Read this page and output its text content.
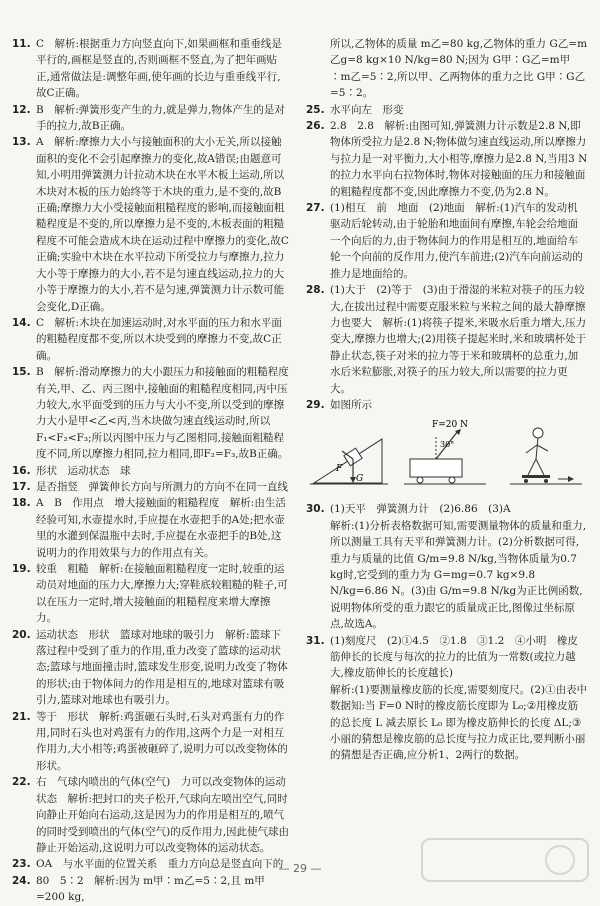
11. C　解析:根据重力方向竖直向下,如果画框和重垂线是平行的,画框是竖直的,否则画框不竖直,为了把年画贴正,通常做法是:调整年画,使年画的长边与重垂线平行,故C正确。
12. B　解析:弹簧形变产生的力,就是弹力,物体产生的是对手的拉力,故B正确。
13. A　解析:摩擦力大小与接触面积的大小无关,所以接触面积的变化不会引起摩擦力的变化,故A错误;由题意可知,小明用弹簧测力计拉动木块在水平木板上运动,所以木块对木板的压力始终等于木块的重力,是不变的,故B正确;摩擦力大小受接触面粗糙程度的影响,而接触面粗糙程度是不变的,所以摩擦力是不变的,木板表面的粗糙程度不可能会造成木块在运动过程中摩擦力的变化,故C正确;实验中木块在水平拉动下所受拉力与摩擦力,拉力大小等于摩擦力的大小,若不是匀速直线运动,拉力的大小等于摩擦力的大小,若不是匀速,弹簧测力计示数可能会变化,D正确。
14. C　解析:木块在加速运动时,对水平面的压力和水平面的粗糙程度都不变,所以木块受到的摩擦力不变,故C正确。
15. B　解析:滑动摩擦力的大小跟压力和接触面的粗糙程度有关,甲、乙、丙三图中,接触面的粗糙程度相同,丙中压力较大,水平面受到的压力与大小不变,所以受到的摩擦力大小是甲<乙<丙,当木块做匀速直线运动时,所以F₁<F₂<F₃;所以丙图中压力与乙图相同,接触面粗糙程度不同,所以摩擦力相同,拉力相同,即F₂=F₃,故B正确。
16. 形状　运动状态　球
17. 是否指竖　弹簧伸长方向与所测力的方向不在同一直线
18. A　B　作用点　增大接触面的粗糙程度　解析:由生活经验可知,水壶提水时,手应提在水壶把手的A处;把水壶里的水灌到保温瓶中去时,手应提在水壶把手的B处,这说明力的作用效果与力的作用点有关。
19. 较重　粗糙　解析:在接触面粗糙程度一定时,较重的运动员对地面的压力大,摩擦力大;穿鞋底较粗糙的鞋子,可以在压力一定时,增大接触面的粗糙程度来增大摩擦力。
20. 运动状态　形状　篮球对地球的吸引力　解析:篮球下落过程中受到了重力的作用,重力改变了篮球的运动状态;篮球与地面撞击时,篮球发生形变,说明力改变了物体的形状;由于物体间力的作用是相互的,地球对篮球有吸引力,篮球对地球也有吸引力。
21. 等于　形状　解析:鸡蛋砸石头时,石头对鸡蛋有力的作用,同时石头也对鸡蛋有力的作用,这两个力是一对相互作用力,大小相等;鸡蛋被砸碎了,说明力可以改变物体的形状。
22. 右　气球内喷出的气体(空气)　力可以改变物体的运动状态　解析:把封口的夹子松开,气球向左喷出空气,同时向静止开始向右运动,这是因为力的作用是相互的,喷气的同时受到喷出的气体(空气)的反作用力,因此使气球由静止开始运动,这说明力可以改变物体的运动状态。
23. OA　与水平面的位置关系　重力方向总是竖直向下的
24. 80　5∶2　解析:因为 m甲∶m乙=5∶2,且 m甲=200 kg,
所以,乙物体的质量 m乙=80 kg,乙物体的重力 G乙=m乙g=8 kg×10 N/kg=80 N;因为 G甲∶G乙=m甲∶m乙=5∶2,所以甲、乙两物体的重力之比 G甲∶G乙=5∶2。
25. 水平向左　形变
26. 2.8　2.8　解析:由图可知,弹簧测力计示数是2.8 N,即物体所受拉力是2.8 N;物体做匀速直线运动,所以摩擦力与拉力是一对平衡力,大小相等,摩擦力是2.8 N,当用3 N的拉力水平向右拉物体时,物体对接触面的压力和接触面的粗糙程度都不变,因此摩擦力不变,仍为2.8 N。
27. (1)相互　前　地面　(2)地面　解析:(1)汽车的发动机驱动后轮转动,由于轮胎和地面间有摩擦,车轮会给地面一个向后的力,由于物体间力的作用是相互的,地面给车轮一个向前的反作用力,使汽车前进;(2)汽车向前运动的推力是地面给的。
28. (1)大于　(2)等于　(3)由于滑湿的米粒对筷子的压力较大,在拔出过程中需要克服米粒与米粒之间的最大静摩擦力也要大　解析:(1)将筷子提米,米吸水后重力增大,压力变大,摩擦力也增大;(2)用筷子提起米时,米和玻璃杯处于静止状态,筷子对米的拉力等于米和玻璃杯的总重力,加水后米粒膨胀,对筷子的压力较大,所以需要的拉力更大。
29. 如图所示
F
G
F=20 N
30°
30. (1)天平　弹簧测力计　(2)6.86　(3)A
解析:(1)分析表格数据可知,需要测量物体的质量和重力,所以测量工具有天平和弹簧测力计。(2)分析数据可得,重力与质量的比值 G/m=9.8 N/kg,当物体质量为0.7 kg时,它受到的重力为 G=mg=0.7 kg×9.8 N/kg=6.86 N。(3)由 G/m=9.8 N/kg为正比例函数,说明物体所受的重力跟它的质量成正比,图像过坐标原点,故选A。
31. (1)刻度尺　(2)①4.5　②1.8　③1.2　④小明　橡皮筋伸长的长度与每次的拉力的比值为一常数(或拉力越大,橡皮筋伸长的长度越长)
解析:(1)要测量橡皮筋的长度,需要刻度尺。(2)①由表中数据知:当 F=0 N时的橡皮筋长度即为 L₀;②用橡皮筋的总长度 L 减去原长 L₀ 即为橡皮筋伸长的长度 ΔL;③小丽的猜想是橡皮筋的总长度与拉力成正比,要判断小丽的猜想是否正确,应分析1、2两行的数据。
— 29 —
